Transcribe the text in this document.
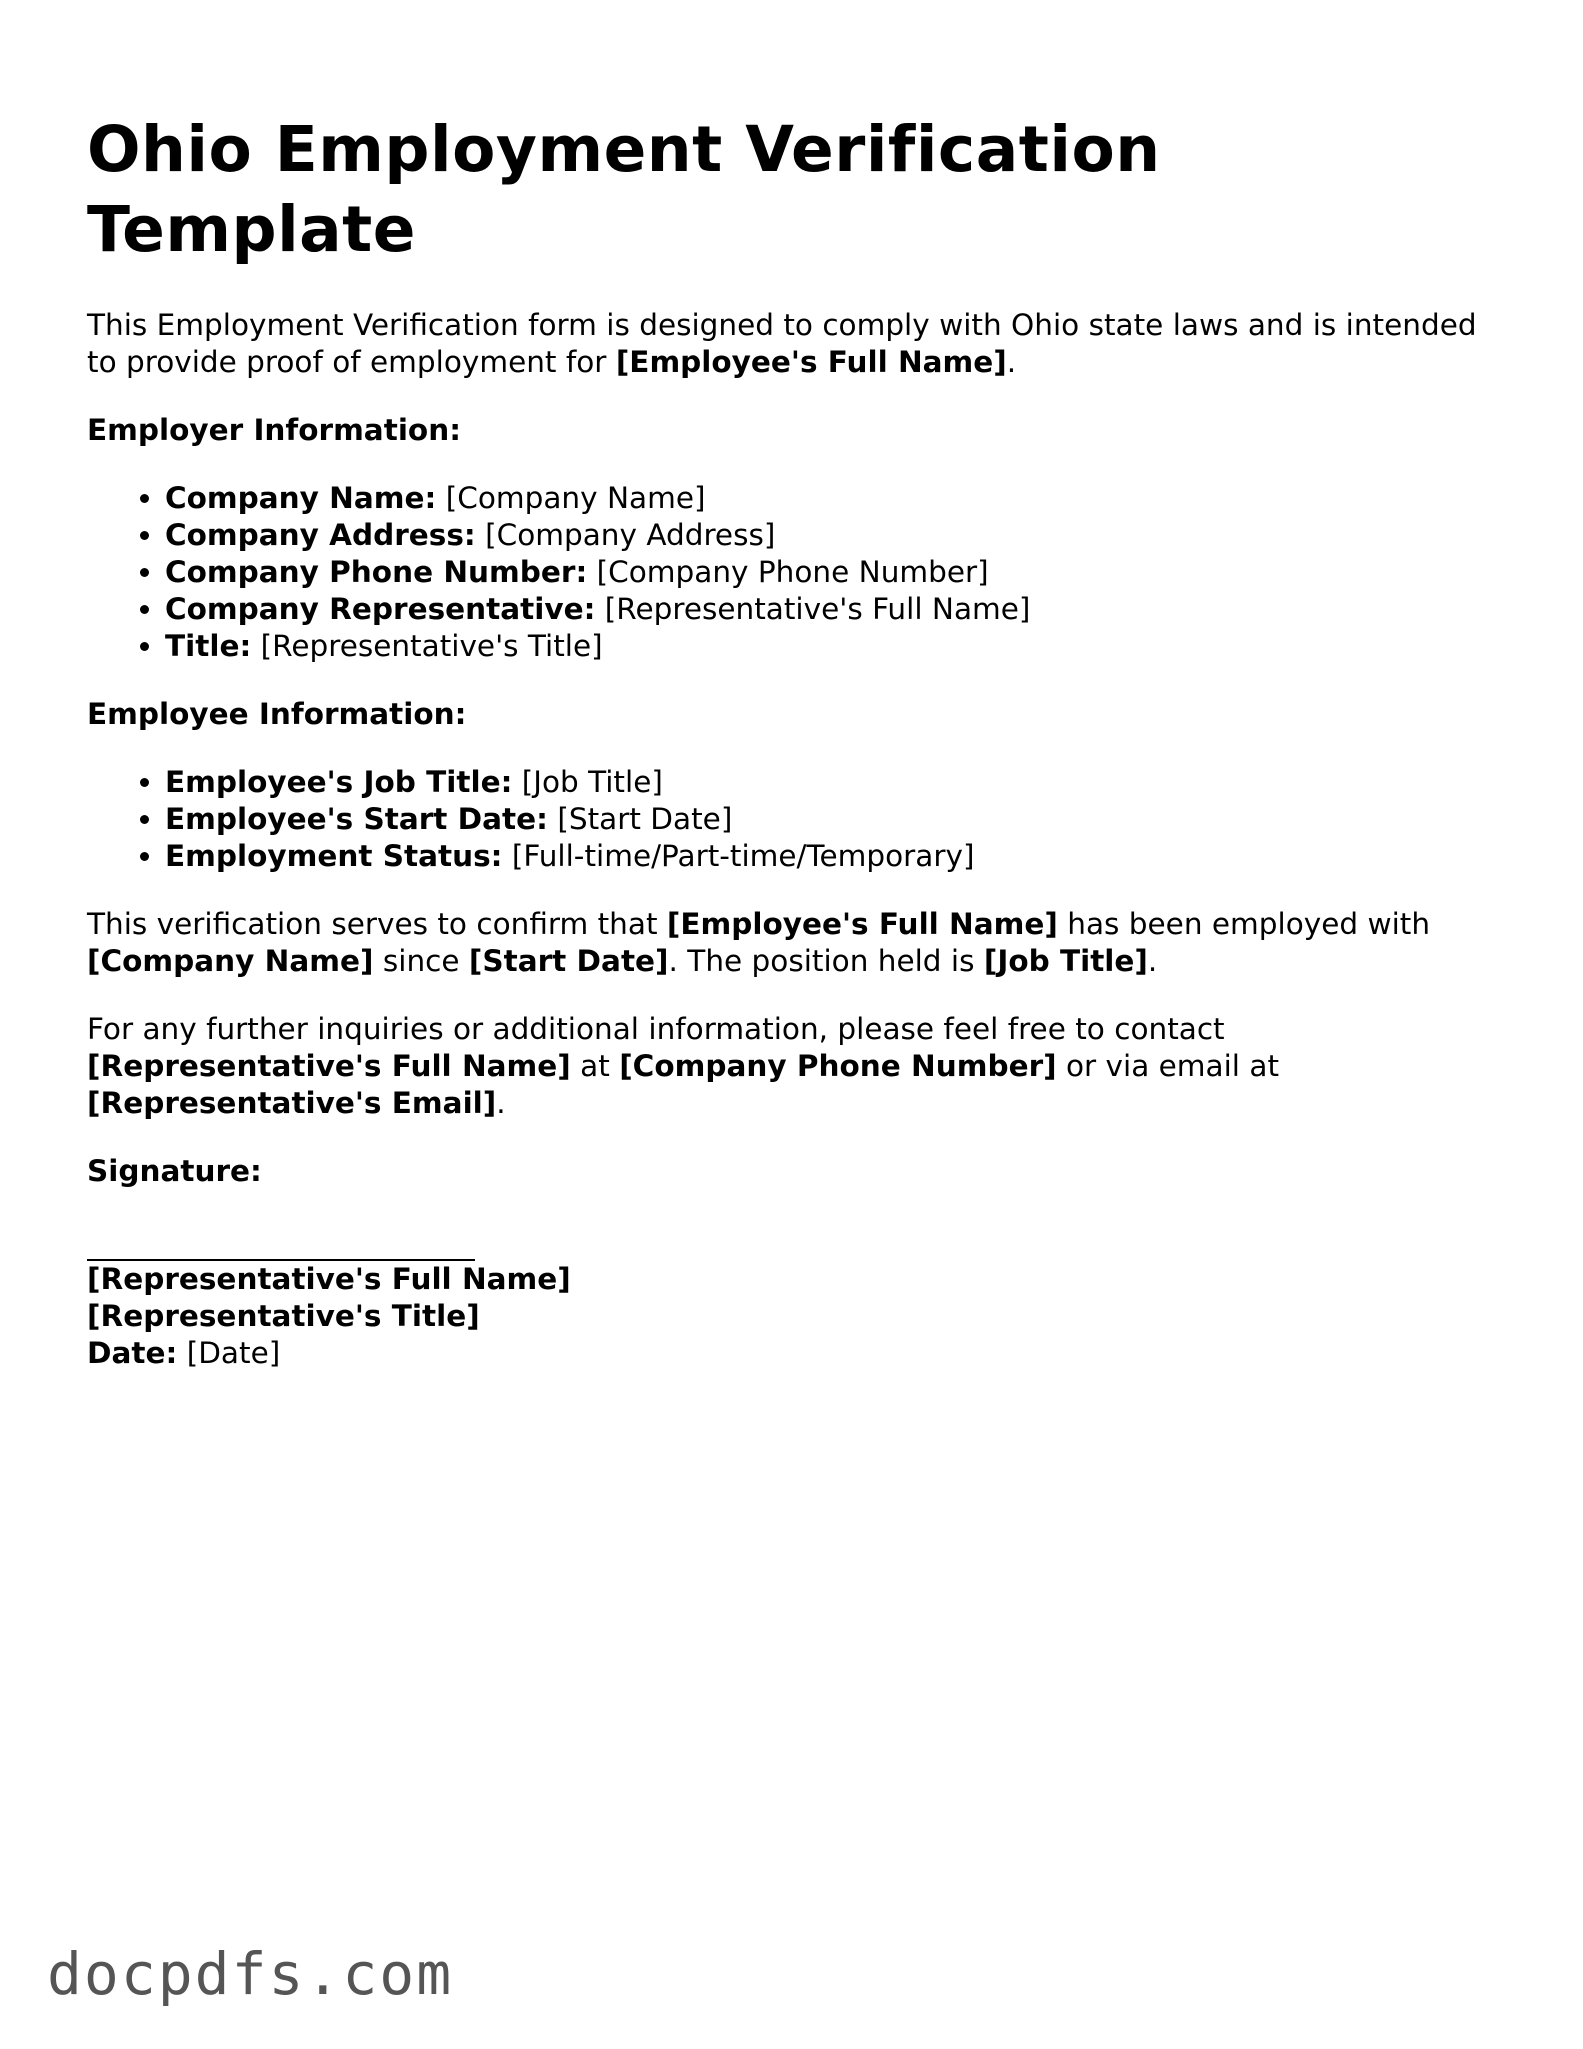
Ohio Employment Verification Template

This Employment Verification form is designed to comply with Ohio state laws and is intended to provide proof of employment for [Employee's Full Name].

Employer Information:
• Company Name: [Company Name]
• Company Address: [Company Address]
• Company Phone Number: [Company Phone Number]
• Company Representative: [Representative's Full Name]
• Title: [Representative's Title]
Employee Information:
• Employee's Job Title: [Job Title]
• Employee's Start Date: [Start Date]
• Employment Status: [Full-time/Part-time/Temporary]

This verification serves to confirm that [Employee's Full Name] has been employed with
[Company Name] since [Start Date]. The position held is [Job Title].

For any further inquiries or additional information, please feel free to contact
[Representative's Full Name] at [Company Phone Number] or via email at
[Representative's Email].

Signature:

[Representative's Full Name]

[Representative's Title]

Date: [Date]

docpdfs.com
